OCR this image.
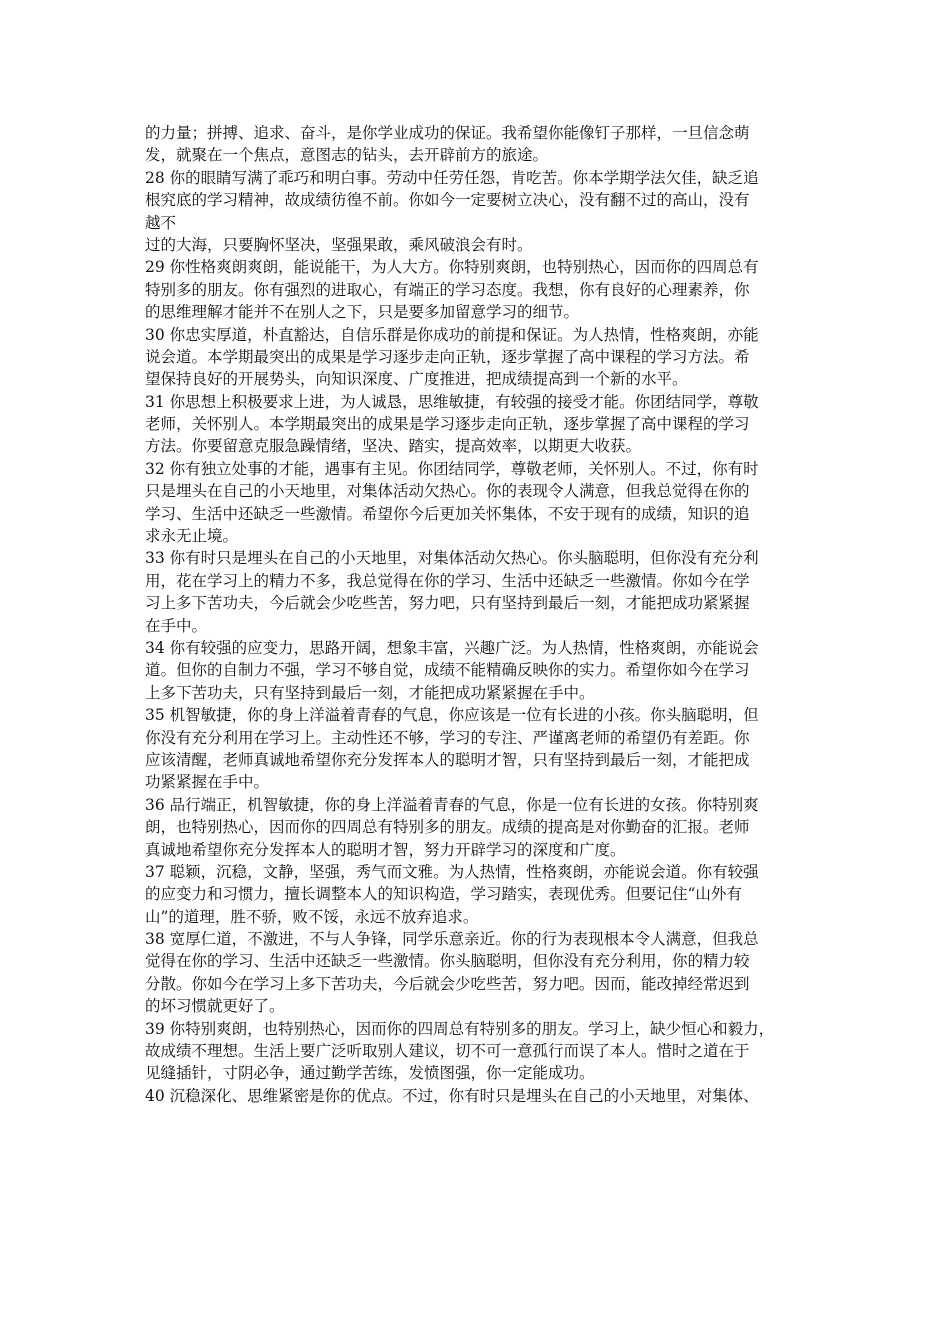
的力量；拼搏、追求、奋斗，是你学业成功的保证。我希望你能像钉子那样，一旦信念萌
发，就聚在一个焦点，意图志的钻头，去开辟前方的旅途。
28 你的眼睛写满了乖巧和明白事。劳动中任劳任怨，肯吃苦。你本学期学法欠佳，缺乏追
根究底的学习精神，故成绩彷徨不前。你如今一定要树立决心，没有翻不过的高山，没有
越不
过的大海，只要胸怀坚决，坚强果敢，乘风破浪会有时。
29 你性格爽朗爽朗，能说能干，为人大方。你特别爽朗，也特别热心，因而你的四周总有
特别多的朋友。你有强烈的进取心，有端正的学习态度。我想，你有良好的心理素养，你
的思维理解才能并不在别人之下，只是要多加留意学习的细节。
30 你忠实厚道，朴直豁达，自信乐群是你成功的前提和保证。为人热情，性格爽朗，亦能
说会道。本学期最突出的成果是学习逐步走向正轨，逐步掌握了高中课程的学习方法。希
望保持良好的开展势头，向知识深度、广度推进，把成绩提高到一个新的水平。
31 你思想上积极要求上进，为人诚恳，思维敏捷，有较强的接受才能。你团结同学，尊敬
老师，关怀别人。本学期最突出的成果是学习逐步走向正轨，逐步掌握了高中课程的学习
方法。你要留意克服急躁情绪，坚决、踏实，提高效率，以期更大收获。
32 你有独立处事的才能，遇事有主见。你团结同学，尊敬老师，关怀别人。不过，你有时
只是埋头在自己的小天地里，对集体活动欠热心。你的表现令人满意，但我总觉得在你的
学习、生活中还缺乏一些激情。希望你今后更加关怀集体，不安于现有的成绩，知识的追
求永无止境。
33 你有时只是埋头在自己的小天地里，对集体活动欠热心。你头脑聪明，但你没有充分利
用，花在学习上的精力不多，我总觉得在你的学习、生活中还缺乏一些激情。你如今在学
习上多下苦功夫，今后就会少吃些苦，努力吧，只有坚持到最后一刻，才能把成功紧紧握
在手中。
34 你有较强的应变力，思路开阔，想象丰富，兴趣广泛。为人热情，性格爽朗，亦能说会
道。但你的自制力不强，学习不够自觉，成绩不能精确反映你的实力。希望你如今在学习
上多下苦功夫，只有坚持到最后一刻，才能把成功紧紧握在手中。
35 机智敏捷，你的身上洋溢着青春的气息，你应该是一位有长进的小孩。你头脑聪明，但
你没有充分利用在学习上。主动性还不够，学习的专注、严谨离老师的希望仍有差距。你
应该清醒，老师真诚地希望你充分发挥本人的聪明才智，只有坚持到最后一刻，才能把成
功紧紧握在手中。
36 品行端正，机智敏捷，你的身上洋溢着青春的气息，你是一位有长进的女孩。你特别爽
朗，也特别热心，因而你的四周总有特别多的朋友。成绩的提高是对你勤奋的汇报。老师
真诚地希望你充分发挥本人的聪明才智，努力开辟学习的深度和广度。
37 聪颖，沉稳，文静，坚强，秀气而文雅。为人热情，性格爽朗，亦能说会道。你有较强
的应变力和习惯力，擅长调整本人的知识构造，学习踏实，表现优秀。但要记住“山外有
山”的道理，胜不骄，败不馁，永远不放弃追求。
38 宽厚仁道，不激进，不与人争锋，同学乐意亲近。你的行为表现根本令人满意，但我总
觉得在你的学习、生活中还缺乏一些激情。你头脑聪明，但你没有充分利用，你的精力较
分散。你如今在学习上多下苦功夫，今后就会少吃些苦，努力吧。因而，能改掉经常迟到
的坏习惯就更好了。
39 你特别爽朗，也特别热心，因而你的四周总有特别多的朋友。学习上，缺少恒心和毅力，
故成绩不理想。生活上要广泛听取别人建议，切不可一意孤行而误了本人。惜时之道在于
见缝插针，寸阴必争，通过勤学苦练，发愤图强，你一定能成功。
40 沉稳深化、思维紧密是你的优点。不过，你有时只是埋头在自己的小天地里，对集体、
